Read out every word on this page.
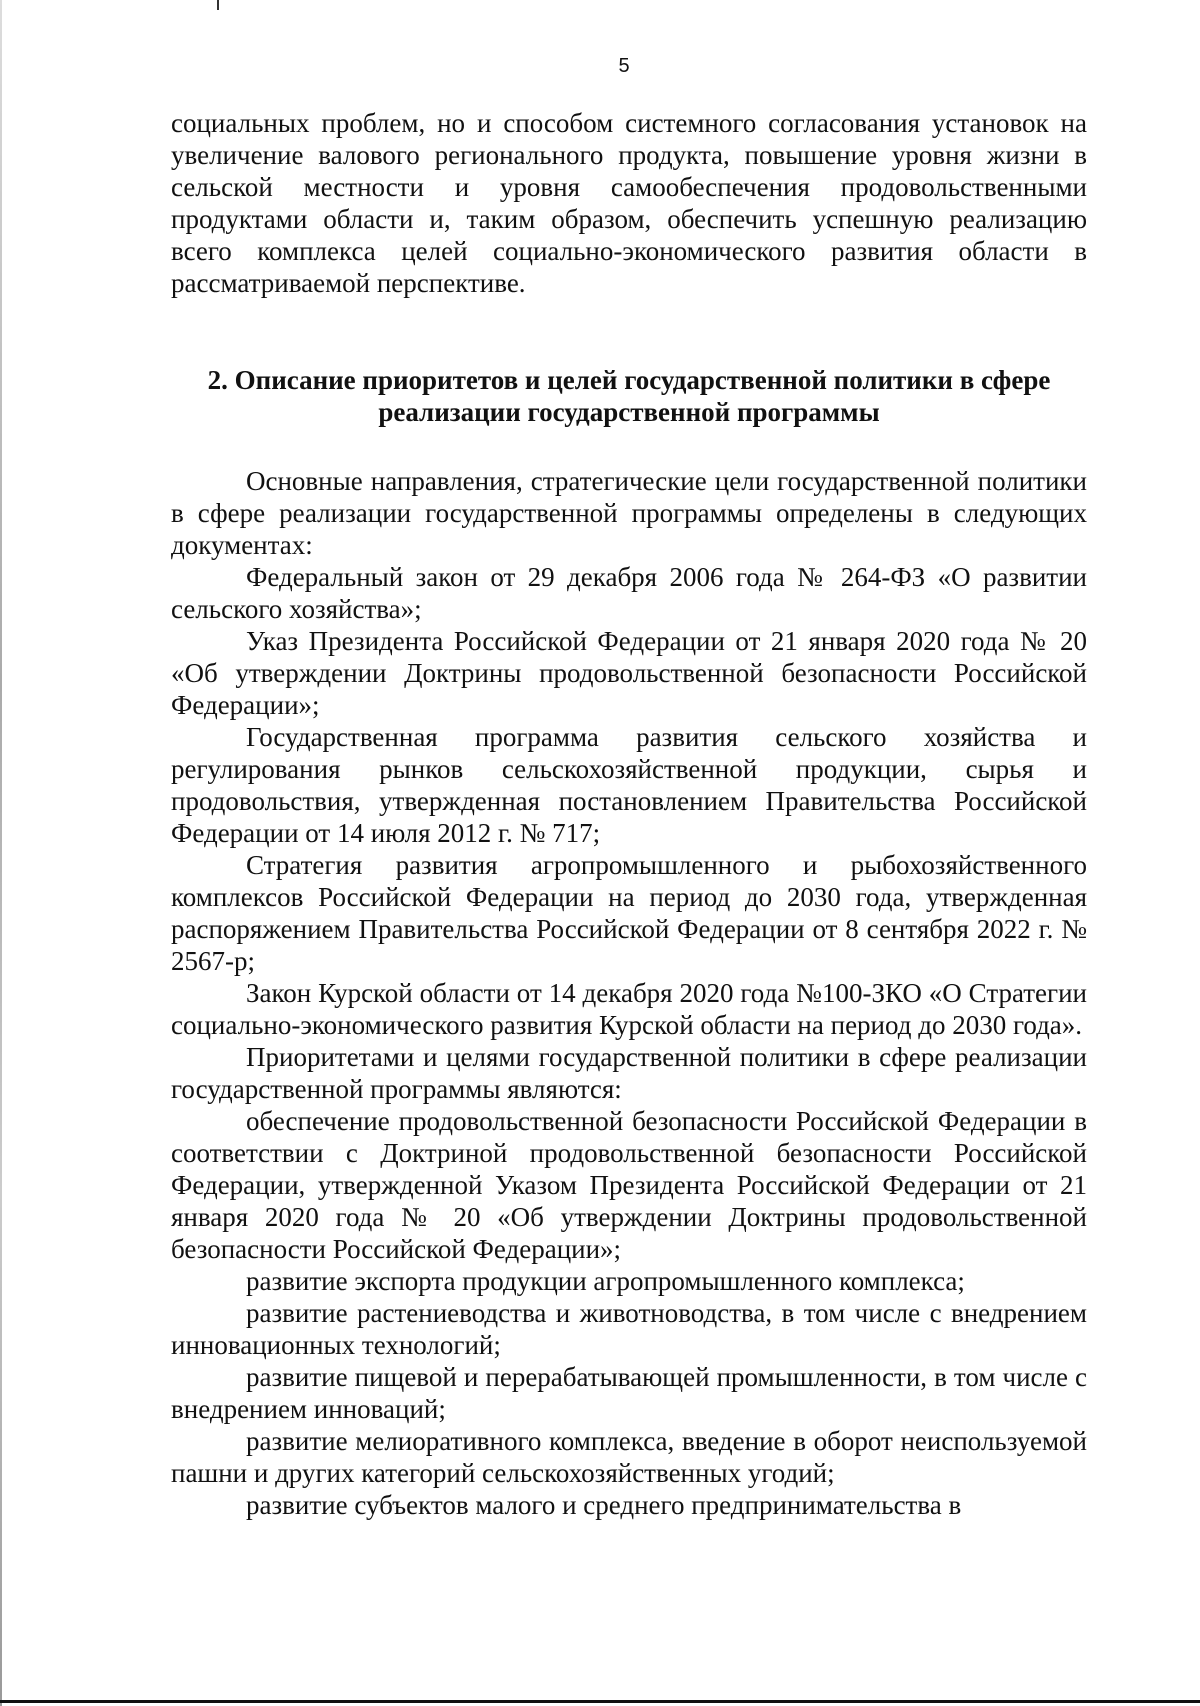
5

социальных проблем, но и способом системного согласования установок на увеличение валового регионального продукта, повышение уровня жизни в сельской местности и уровня самообеспечения продовольственными продуктами области и, таким образом, обеспечить успешную реализацию всего комплекса целей социально-экономического развития области в рассматриваемой перспективе.

2. Описание приоритетов и целей государственной политики в сфере
реализации государственной программы

Основные направления, стратегические цели государственной политики в сфере реализации государственной программы определены в следующих документах:

Федеральный закон от 29 декабря 2006 года № 264-ФЗ «О развитии сельского хозяйства»;

Указ Президента Российской Федерации от 21 января 2020 года № 20 «Об утверждении Доктрины продовольственной безопасности Российской Федерации»;

Государственная программа развития сельского хозяйства и регулирования рынков сельскохозяйственной продукции, сырья и продовольствия, утвержденная постановлением Правительства Российской Федерации от 14 июля 2012 г. № 717;

Стратегия развития агропромышленного и рыбохозяйственного комплексов Российской Федерации на период до 2030 года, утвержденная распоряжением Правительства Российской Федерации от 8 сентября 2022 г. № 2567-р;

Закон Курской области от 14 декабря 2020 года №100-ЗКО «О Стратегии социально-экономического развития Курской области на период до 2030 года».

Приоритетами и целями государственной политики в сфере реализации государственной программы являются:

обеспечение продовольственной безопасности Российской Федерации в соответствии с Доктриной продовольственной безопасности Российской Федерации, утвержденной Указом Президента Российской Федерации от 21 января 2020 года № 20 «Об утверждении Доктрины продовольственной безопасности Российской Федерации»;

развитие экспорта продукции агропромышленного комплекса;

развитие растениеводства и животноводства, в том числе с внедрением инновационных технологий;

развитие пищевой и перерабатывающей промышленности, в том числе с внедрением инноваций;

развитие мелиоративного комплекса, введение в оборот неиспользуемой пашни и других категорий сельскохозяйственных угодий;

развитие субъектов малого и среднего предпринимательства в
